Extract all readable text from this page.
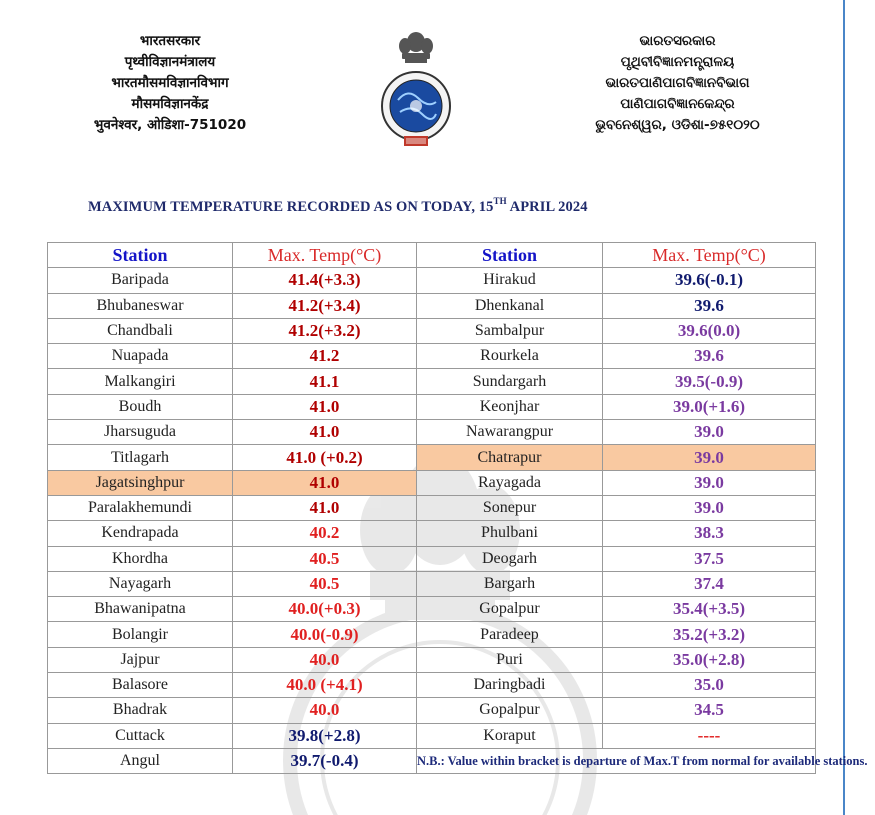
भारतसरकार
पृथ्वीविज्ञानमंत्रालय
भारतमौसमविज्ञानविभाग
मौसमविज्ञानकेंद्र
भुवनेश्वर, ओडिशा-751020
ଭାରତସରକାର
ପୃଥିବୀବିଜ୍ଞାନମନ୍ତ୍ରାଳୟ
ଭାରତପାଣିପାଗବିଜ୍ଞାନବିଭାଗ
ପାଣିପାଗବିଜ୍ଞାନକେନ୍ଦ୍ର
ଭୁବନେଶ୍ୱର, ଓଡିଶା-୭୫୧୦୨୦
MAXIMUM TEMPERATURE RECORDED AS ON TODAY, 15TH APRIL 2024
Station	Max. Temp(°C)	Station	Max. Temp(°C)
Baripada	41.4(+3.3)	Hirakud	39.6(-0.1)
Bhubaneswar	41.2(+3.4)	Dhenkanal	39.6
Chandbali	41.2(+3.2)	Sambalpur	39.6(0.0)
Nuapada	41.2	Rourkela	39.6
Malkangiri	41.1	Sundargarh	39.5(-0.9)
Boudh	41.0	Keonjhar	39.0(+1.6)
Jharsuguda	41.0	Nawarangpur	39.0
Titlagarh	41.0 (+0.2)	Chatrapur	39.0
Jagatsinghpur	41.0	Rayagada	39.0
Paralakhemundi	41.0	Sonepur	39.0
Kendrapada	40.2	Phulbani	38.3
Khordha	40.5	Deogarh	37.5
Nayagarh	40.5	Bargarh	37.4
Bhawanipatna	40.0(+0.3)	Gopalpur	35.4(+3.5)
Bolangir	40.0(-0.9)	Paradeep	35.2(+3.2)
Jajpur	40.0	Puri	35.0(+2.8)
Balasore	40.0 (+4.1)	Daringbadi	35.0
Bhadrak	40.0	Gopalpur	34.5
Cuttack	39.8(+2.8)	Koraput	----
Angul	39.7(-0.4)	N.B.: Value within bracket is departure of Max.T from normal for available stations.	
